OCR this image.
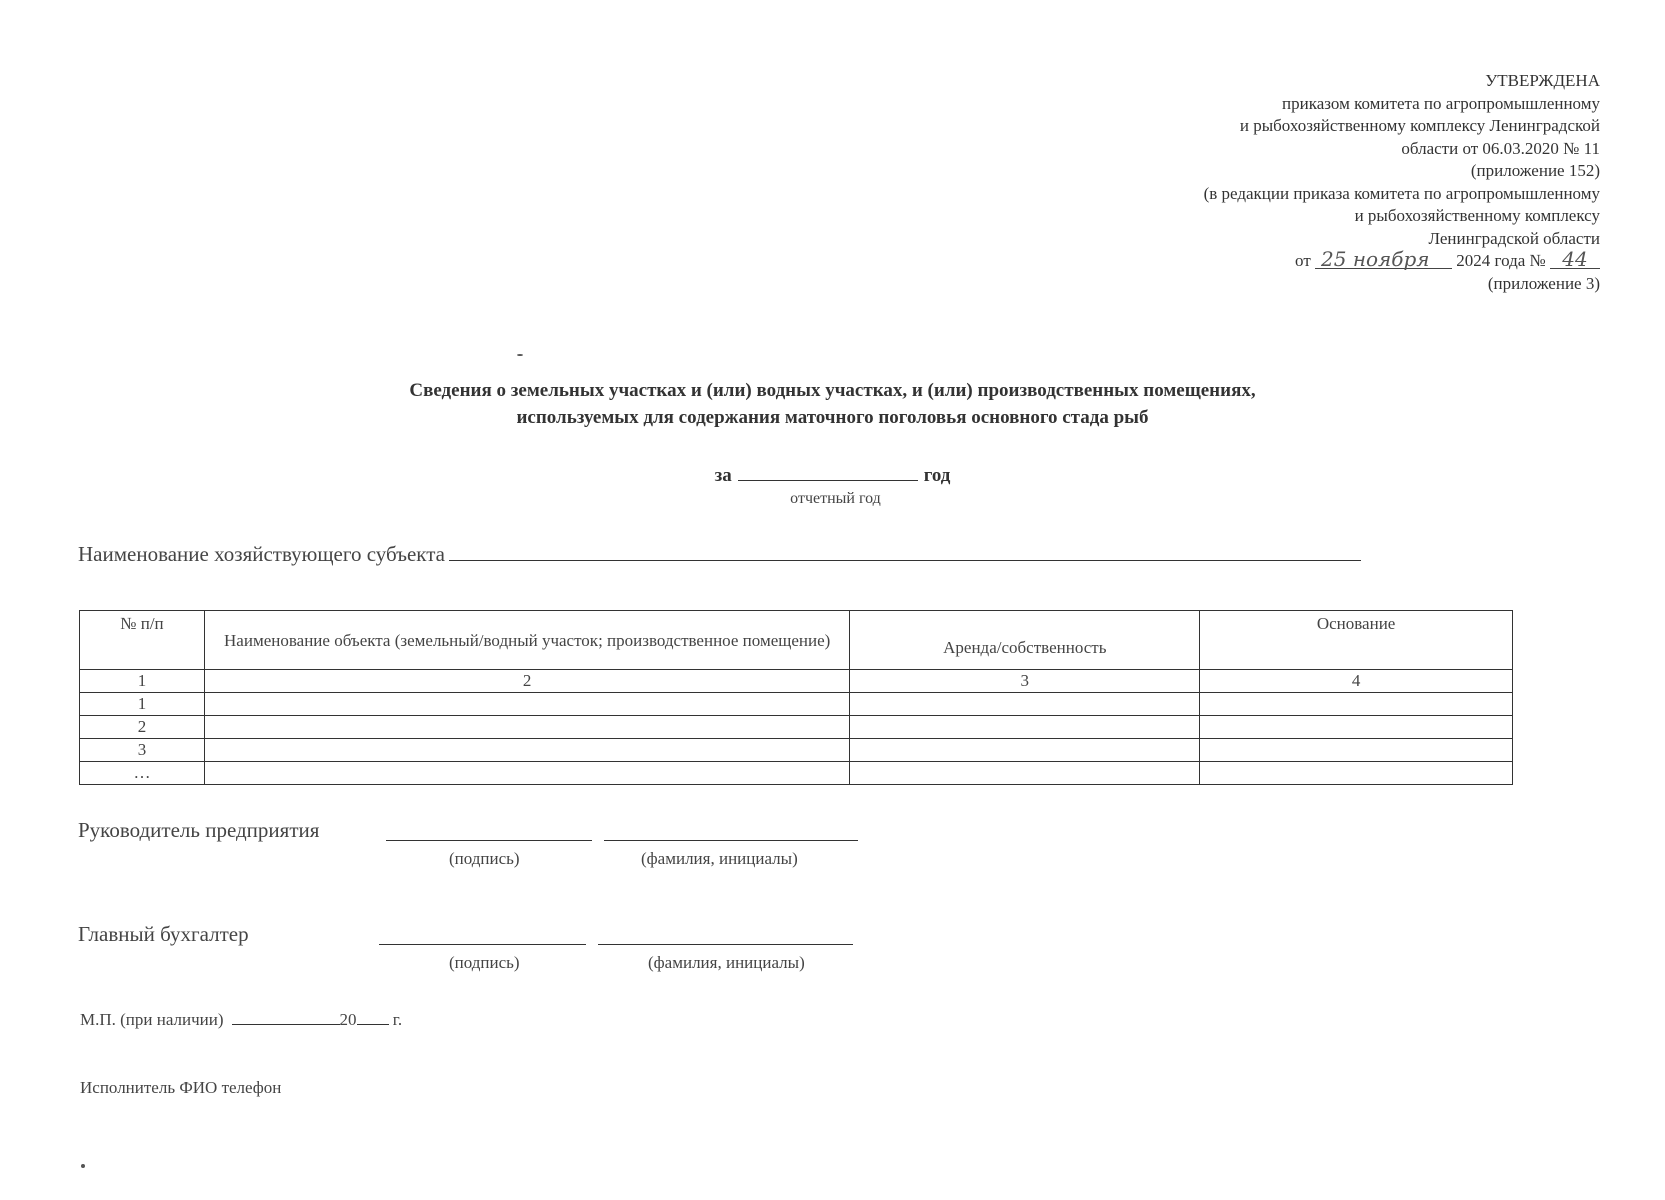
УТВЕРЖДЕНА
приказом комитета по агропромышленному
и рыбохозяйственному комплексу Ленинградской
области от 06.03.2020 № 11
(приложение 152)
(в редакции приказа комитета по агропромышленному
и рыбохозяйственному комплексу
Ленинградской области
от 25 ноября 2024 года № 44
(приложение 3)
Сведения о земельных участках и (или) водных участках, и (или) производственных помещениях,
используемых для содержания маточного поголовья основного стада рыб
за	год
отчетный год
Наименование хозяйствующего субъекта
№ п/п	Наименование объекта (земельный/водный участок; производственное помещение)	Аренда/собственность	Основание
1	2	3	4
1			
2			
3			
…			
Руководитель предприятия
(подпись)	(фамилия, инициалы)
Главный бухгалтер
(подпись)	(фамилия, инициалы)
М.П. (при наличии)	20 г.
Исполнитель ФИО телефон
